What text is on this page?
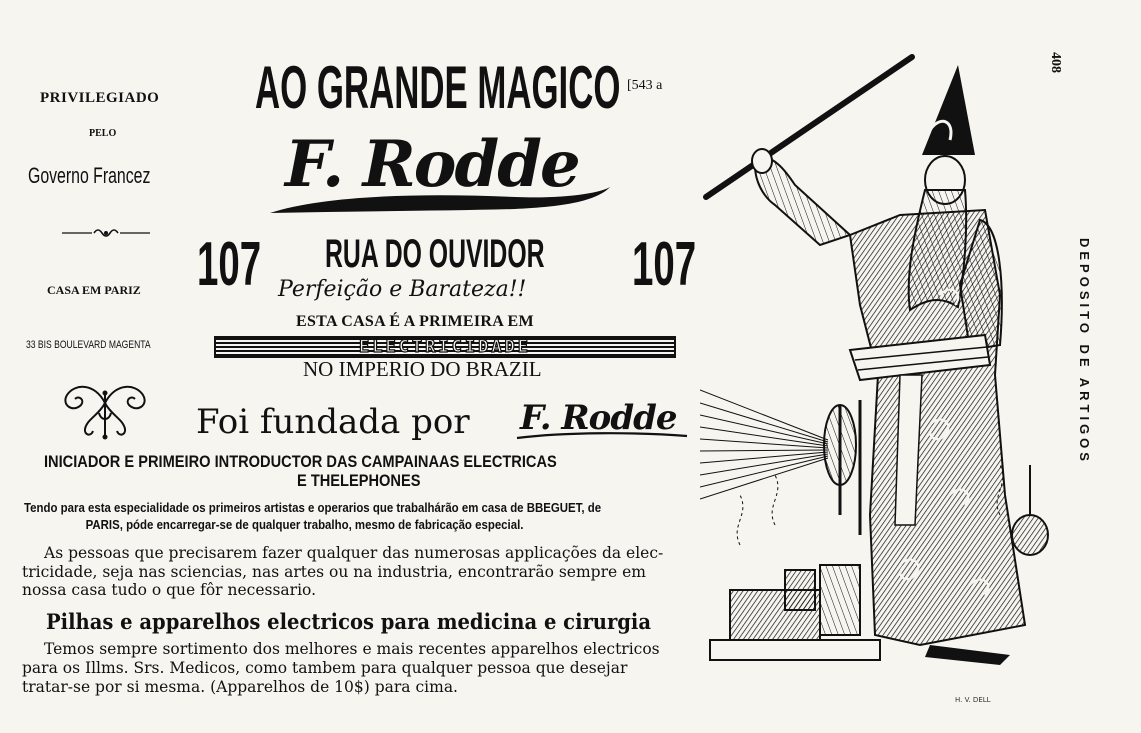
PRIVILEGIADO
PELO
Governo Francez
CASA EM PARIZ
33 BIS BOULEVARD MAGENTA
AO GRANDE MAGICO [543 a
F. Rodde
107 RUA DO OUVIDOR 107
Perfeição e Barateza!!
ESTA CASA É A PRIMEIRA EM
ELECTRICIDADE
NO IMPERIO DO BRAZIL
Foi fundada por F. Rodde
INICIADOR E PRIMEIRO INTRODUCTOR DAS CAMPAINAAS ELECTRICAS
E THELEPHONES

Tendo para esta especialidade os primeiros artistas e operarios que trabalhárão em casa de BBEGUET, de

PARIS, póde encarregar-se de qualquer trabalho, mesmo de fabricação especial.

As pessoas que precisarem fazer qualquer das numerosas applicações da elec-

tricidade, seja nas sciencias, nas artes ou na industria, encontrarão sempre em

nossa casa tudo o que fôr necessario.

Pilhas e apparelhos electricos para medicina e cirurgia

Temos sempre sortimento dos melhores e mais recentes apparelhos electricos

para os Illms. Srs. Medicos, como tambem para qualquer pessoa que desejar

tratar-se por si mesma. (Apparelhos de 10$) para cima.

408
DEPOSITO DE ARTIGOS
H. V. DELL
